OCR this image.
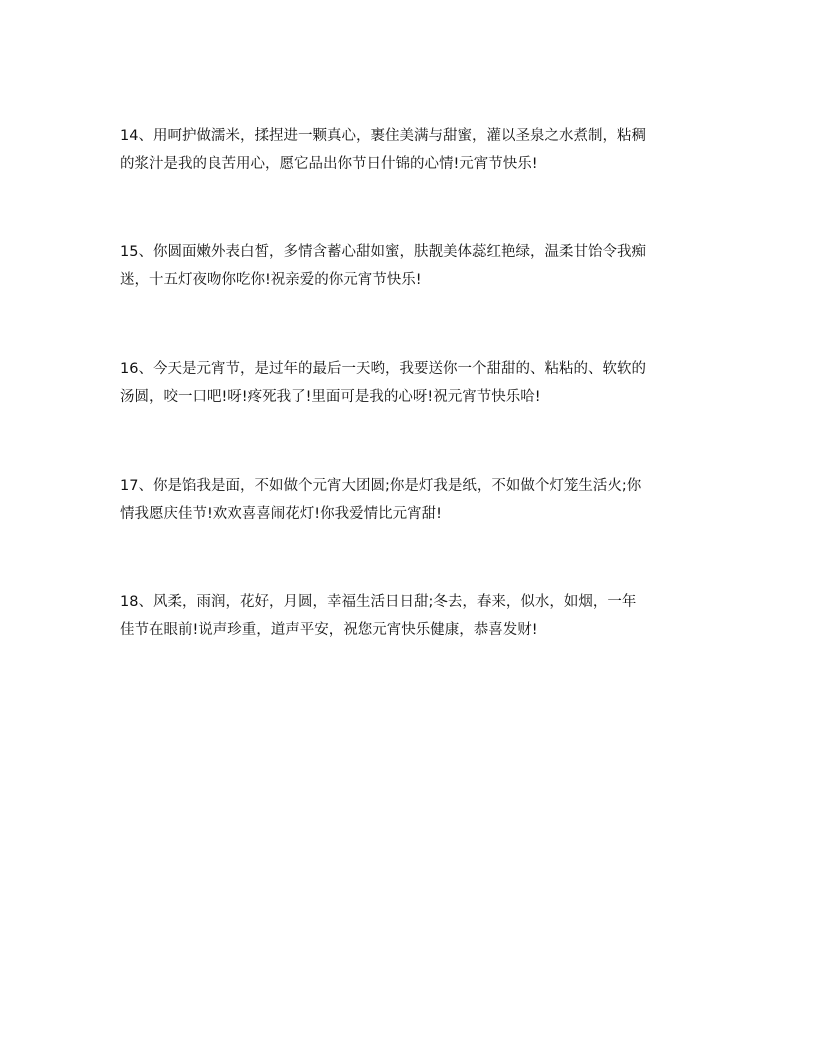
14、用呵护做濡米，揉捏进一颗真心，裹住美满与甜蜜，灌以圣泉之水煮制，粘稠
的浆汁是我的良苦用心，愿它品出你节日什锦的心情!元宵节快乐!

15、你圆面嫩外表白皙，多情含蓄心甜如蜜，肤靓美体蕊红艳绿，温柔甘饴令我痴
迷，十五灯夜吻你吃你!祝亲爱的你元宵节快乐!

16、今天是元宵节，是过年的最后一天哟，我要送你一个甜甜的、粘粘的、软软的
汤圆，咬一口吧!呀!疼死我了!里面可是我的心呀!祝元宵节快乐哈!

17、你是馅我是面，不如做个元宵大团圆;你是灯我是纸，不如做个灯笼生活火;你
情我愿庆佳节!欢欢喜喜闹花灯!你我爱情比元宵甜!

18、风柔，雨润，花好，月圆，幸福生活日日甜;冬去，春来，似水，如烟，一年
佳节在眼前!说声珍重，道声平安，祝您元宵快乐健康，恭喜发财!
